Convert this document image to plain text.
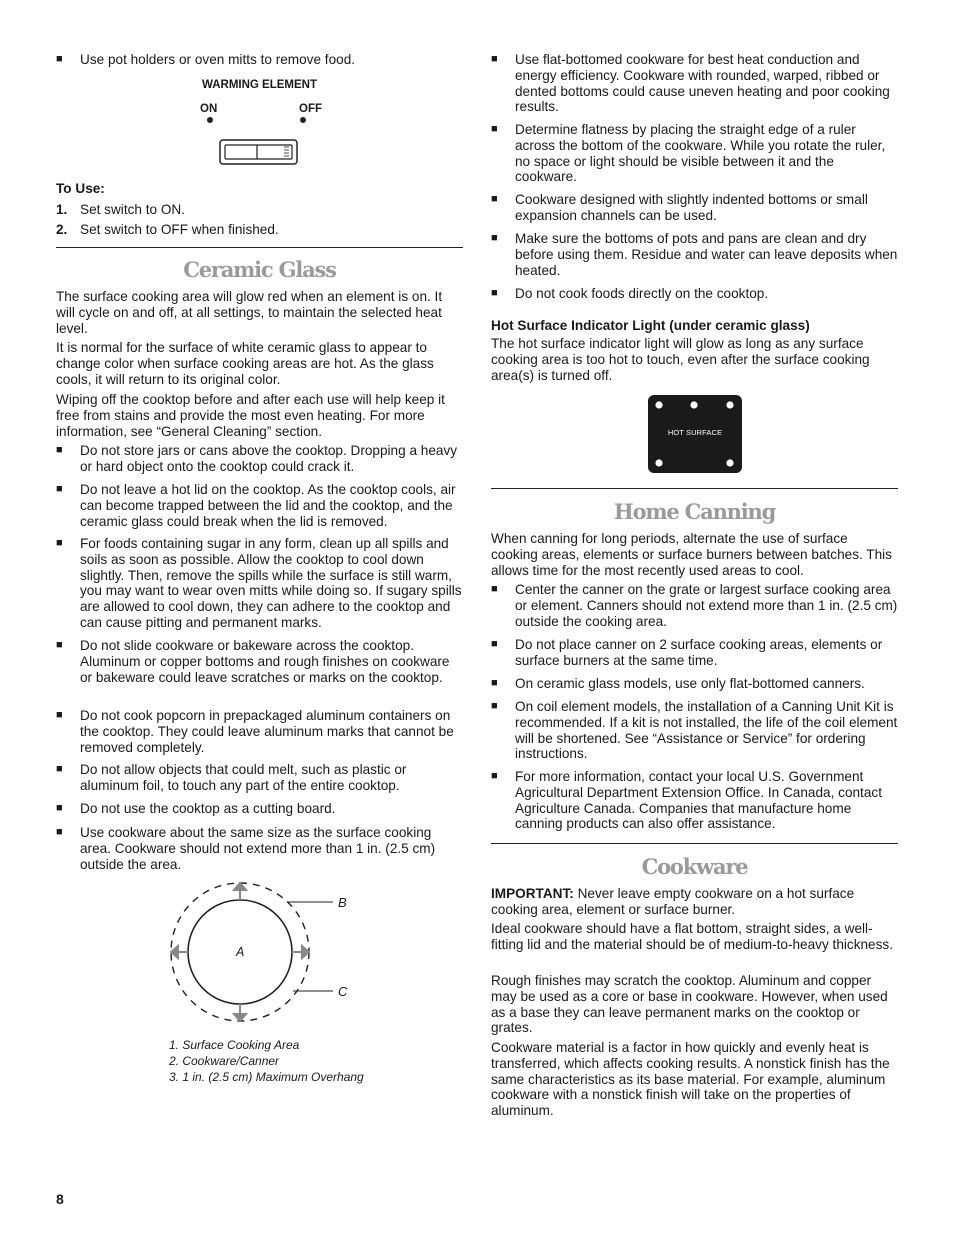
■	Use pot holders or oven mitts to remove food.
WARMING ELEMENT
ON	OFF
To Use:
1. Set switch to ON.
2. Set switch to OFF when finished.
Ceramic Glass

The surface cooking area will glow red when an element is on. It will cycle on and off, at all settings, to maintain the selected heat level.

It is normal for the surface of white ceramic glass to appear to change color when surface cooking areas are hot. As the glass cools, it will return to its original color.

Wiping off the cooktop before and after each use will help keep it free from stains and provide the most even heating. For more information, see “General Cleaning” section.

■	Do not store jars or cans above the cooktop. Dropping a heavy or hard object onto the cooktop could crack it.
■	Do not leave a hot lid on the cooktop. As the cooktop cools, air can become trapped between the lid and the cooktop, and the ceramic glass could break when the lid is removed.
■	For foods containing sugar in any form, clean up all spills and soils as soon as possible. Allow the cooktop to cool down slightly. Then, remove the spills while the surface is still warm, you may want to wear oven mitts while doing so. If sugary spills are allowed to cool down, they can adhere to the cooktop and can cause pitting and permanent marks.
■	Do not slide cookware or bakeware across the cooktop. Aluminum or copper bottoms and rough finishes on cookware or bakeware could leave scratches or marks on the cooktop.
■	Do not cook popcorn in prepackaged aluminum containers on the cooktop. They could leave aluminum marks that cannot be removed completely.
■	Do not allow objects that could melt, such as plastic or aluminum foil, to touch any part of the entire cooktop.
■	Do not use the cooktop as a cutting board.
■	Use cookware about the same size as the surface cooking area. Cookware should not extend more than 1 in. (2.5 cm) outside the area.
A
B
C
1. Surface Cooking Area
2. Cookware/Canner
3. 1 in. (2.5 cm) Maximum Overhang
■	Use flat-bottomed cookware for best heat conduction and energy efficiency. Cookware with rounded, warped, ribbed or dented bottoms could cause uneven heating and poor cooking results.
■	Determine flatness by placing the straight edge of a ruler across the bottom of the cookware. While you rotate the ruler, no space or light should be visible between it and the cookware.
■	Cookware designed with slightly indented bottoms or small expansion channels can be used.
■	Make sure the bottoms of pots and pans are clean and dry before using them. Residue and water can leave deposits when heated.
■	Do not cook foods directly on the cooktop.
Hot Surface Indicator Light (under ceramic glass)

The hot surface indicator light will glow as long as any surface cooking area is too hot to touch, even after the surface cooking area(s) is turned off.

HOT SURFACE
Home Canning

When canning for long periods, alternate the use of surface cooking areas, elements or surface burners between batches. This allows time for the most recently used areas to cool.

■	Center the canner on the grate or largest surface cooking area or element. Canners should not extend more than 1 in. (2.5 cm) outside the cooking area.
■	Do not place canner on 2 surface cooking areas, elements or surface burners at the same time.
■	On ceramic glass models, use only flat-bottomed canners.
■	On coil element models, the installation of a Canning Unit Kit is recommended. If a kit is not installed, the life of the coil element will be shortened. See “Assistance or Service” for ordering instructions.
■	For more information, contact your local U.S. Government Agricultural Department Extension Office. In Canada, contact Agriculture Canada. Companies that manufacture home canning products can also offer assistance.
Cookware

IMPORTANT: Never leave empty cookware on a hot surface cooking area, element or surface burner.

Ideal cookware should have a flat bottom, straight sides, a well-fitting lid and the material should be of medium-to-heavy thickness.

Rough finishes may scratch the cooktop. Aluminum and copper may be used as a core or base in cookware. However, when used as a base they can leave permanent marks on the cooktop or grates.

Cookware material is a factor in how quickly and evenly heat is transferred, which affects cooking results. A nonstick finish has the same characteristics as its base material. For example, aluminum cookware with a nonstick finish will take on the properties of aluminum.

8
